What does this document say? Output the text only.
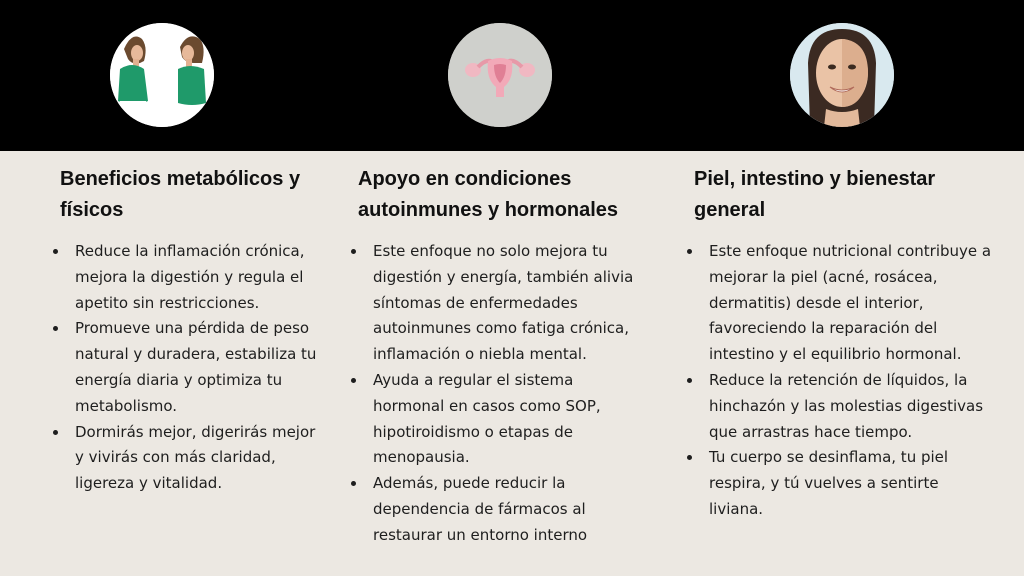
Beneficios metabólicos y físicos
Reduce la inflamación crónica, mejora la digestión y regula el apetito sin restricciones.
Promueve una pérdida de peso natural y duradera, estabiliza tu energía diaria y optimiza tu metabolismo.
Dormirás mejor, digerirás mejor y vivirás con más claridad, ligereza y vitalidad.
Apoyo en condiciones autoinmunes y hormonales
Este enfoque no solo mejora tu digestión y energía, también alivia síntomas de enfermedades autoinmunes como fatiga crónica, inflamación o niebla mental.
Ayuda a regular el sistema hormonal en casos como SOP, hipotiroidismo o etapas de menopausia.
Además, puede reducir la dependencia de fármacos al restaurar un entorno interno
Piel, intestino y bienestar general
Este enfoque nutricional contribuye a mejorar la piel (acné, rosácea, dermatitis) desde el interior, favoreciendo la reparación del intestino y el equilibrio hormonal.
Reduce la retención de líquidos, la hinchazón y las molestias digestivas que arrastras hace tiempo.
Tu cuerpo se desinflama, tu piel respira, y tú vuelves a sentirte liviana.
